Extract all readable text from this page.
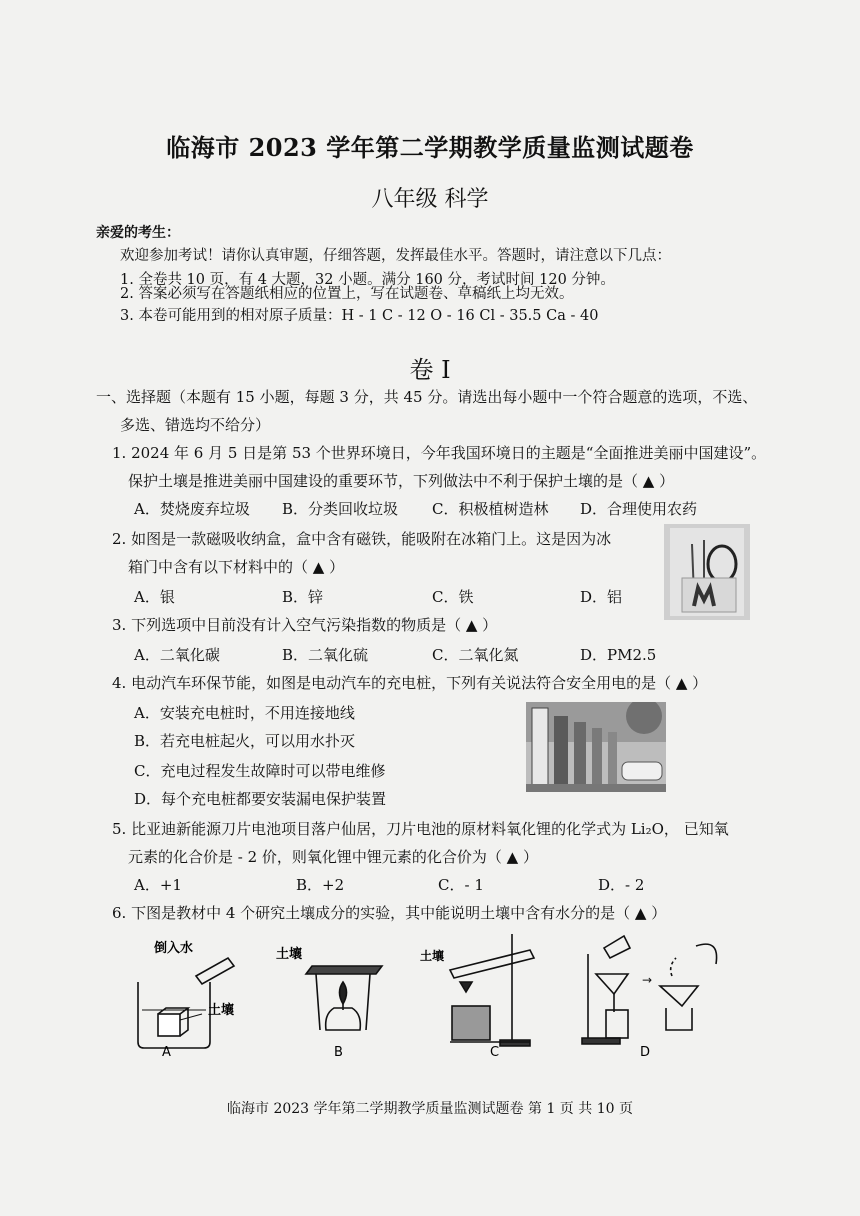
临海市 2023 学年第二学期教学质量监测试题卷
八年级 科学
亲爱的考生：
欢迎参加考试！请你认真审题，仔细答题，发挥最佳水平。答题时，请注意以下几点：
1. 全卷共 10 页，有 4 大题，32 小题。满分 160 分，考试时间 120 分钟。
2. 答案必须写在答题纸相应的位置上，写在试题卷、草稿纸上均无效。
3. 本卷可能用到的相对原子质量：H - 1 C - 12 O - 16 Cl - 35.5 Ca - 40
卷 I
一、选择题（本题有 15 小题，每题 3 分，共 45 分。请选出每小题中一个符合题意的选项，不选、
多选、错选均不给分）
1. 2024 年 6 月 5 日是第 53 个世界环境日，今年我国环境日的主题是“全面推进美丽中国建设”。
保护土壤是推进美丽中国建设的重要环节，下列做法中不利于保护土壤的是（ ▲ ）
A．焚烧废弃垃圾 B．分类回收垃圾 C．积极植树造林 D．合理使用农药
2. 如图是一款磁吸收纳盒，盒中含有磁铁，能吸附在冰箱门上。这是因为冰
箱门中含有以下材料中的（ ▲ ）
A．银	B．锌	C．铁	D．铝
3. 下列选项中目前没有计入空气污染指数的物质是（ ▲ ）
A．二氧化碳	B．二氧化硫	C．二氧化氮	D．PM2.5
4. 电动汽车环保节能，如图是电动汽车的充电桩，下列有关说法符合安全用电的是（ ▲ ）
A．安装充电桩时，不用连接地线
B．若充电桩起火，可以用水扑灭
C．充电过程发生故障时可以带电维修
D．每个充电桩都要安装漏电保护装置
5. 比亚迪新能源刀片电池项目落户仙居，刀片电池的原材料氧化锂的化学式为 Li₂O， 已知氧
元素的化合价是 - 2 价，则氧化锂中锂元素的化合价为（ ▲ ）
A．+1	B．+2	C．- 1	D．- 2
6. 下图是教材中 4 个研究土壤成分的实验，其中能说明土壤中含有水分的是（ ▲ ）
倒入水
土壤
A
土壤
B
土壤
C
→
D
临海市 2023 学年第二学期教学质量监测试题卷 第 1 页 共 10 页
